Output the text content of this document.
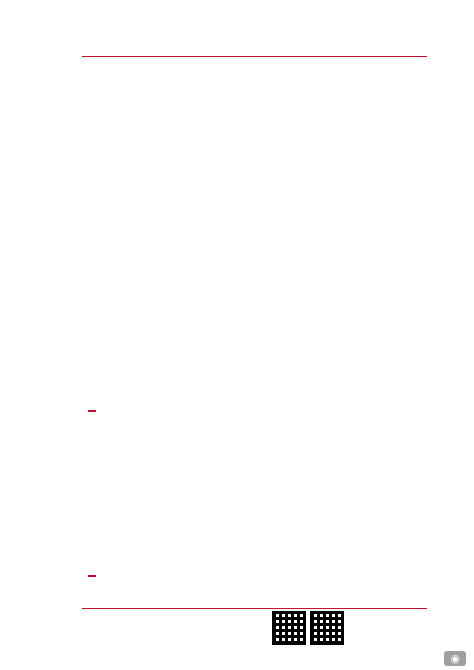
◉
